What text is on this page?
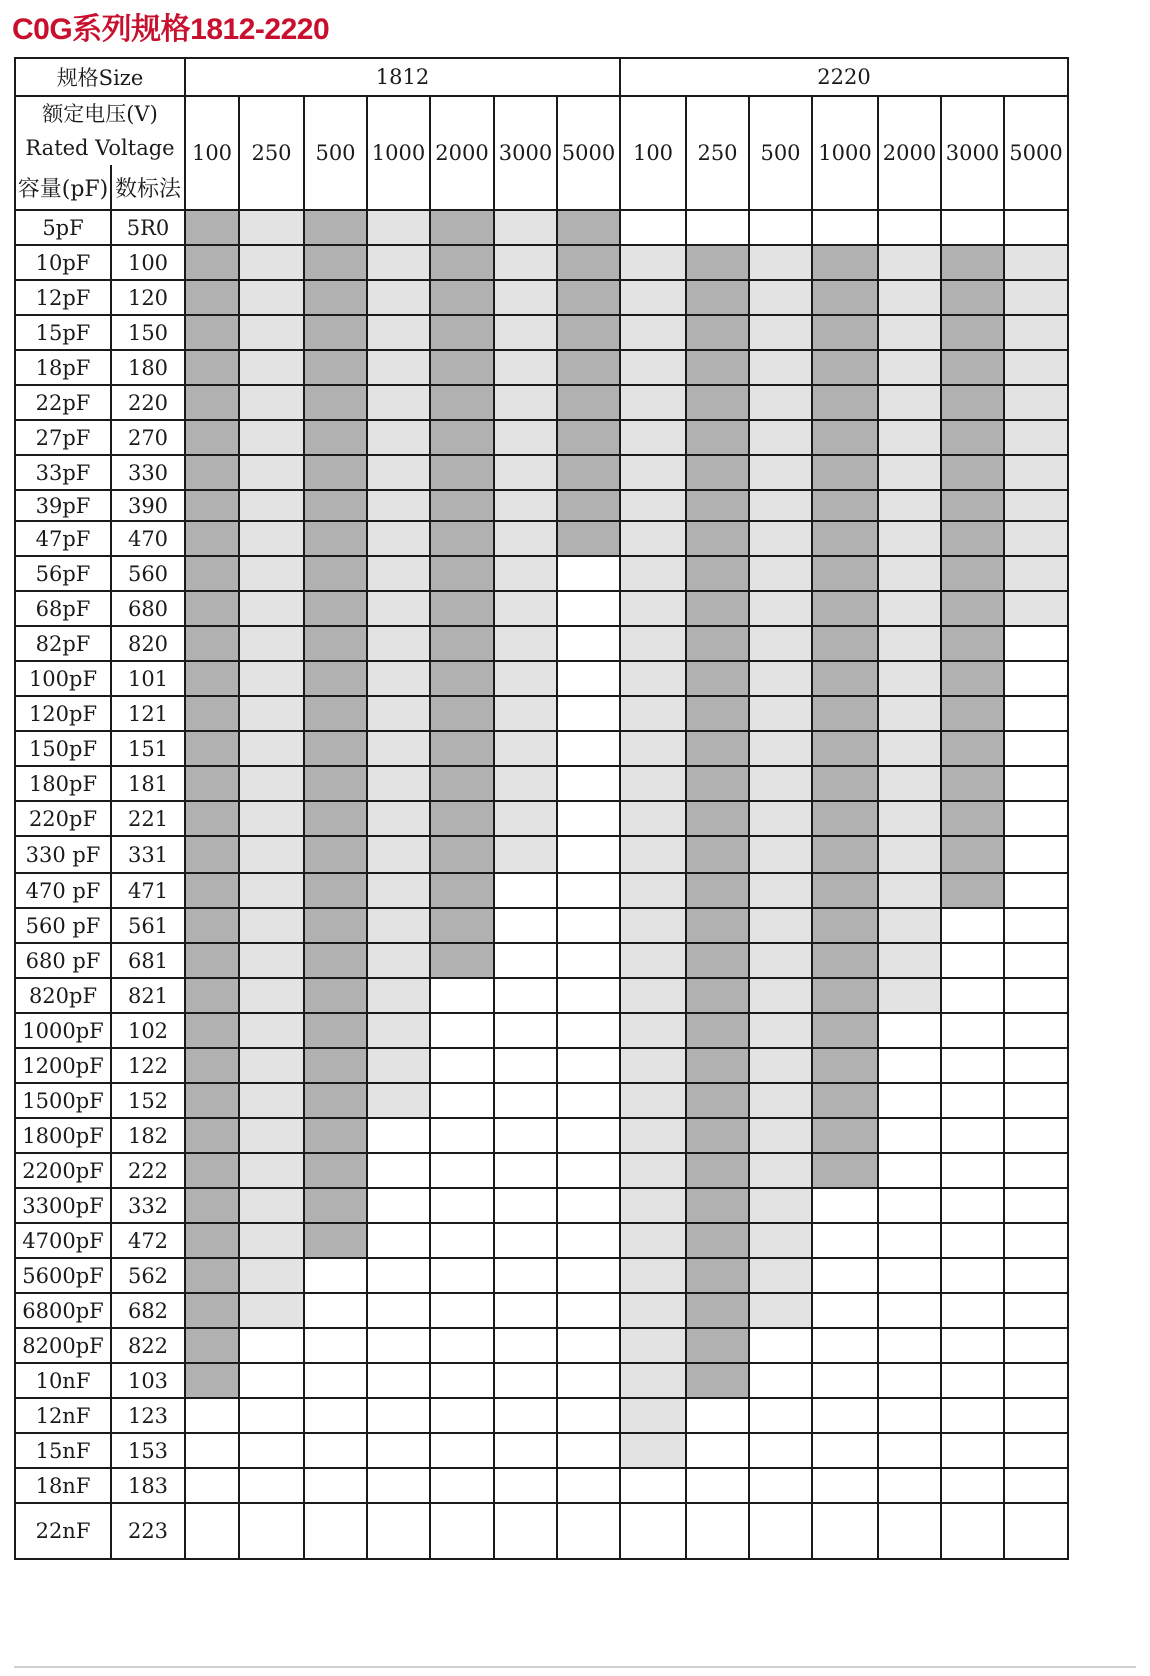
C0G系列规格1812-2220
规格Size		1812							2220						

额定电压(V)
Rated Voltage
容量(pF) 数标法		100	250	500	1000	2000	3000	5000	100	250	500	1000	2000	3000	5000
5pF	5R0														
10pF	100														
12pF	120														
15pF	150														
18pF	180														
22pF	220														
27pF	270														
33pF	330														
39pF	390														
47pF	470														
56pF	560														
68pF	680														
82pF	820														
100pF	101														
120pF	121														
150pF	151														
180pF	181														
220pF	221														
330 pF	331														
470 pF	471														
560 pF	561														
680 pF	681														
820pF	821														
1000pF	102														
1200pF	122														
1500pF	152														
1800pF	182														
2200pF	222														
3300pF	332														
4700pF	472														
5600pF	562														
6800pF	682														
8200pF	822														
10nF	103														
12nF	123														
15nF	153														
18nF	183														
22nF	223														
